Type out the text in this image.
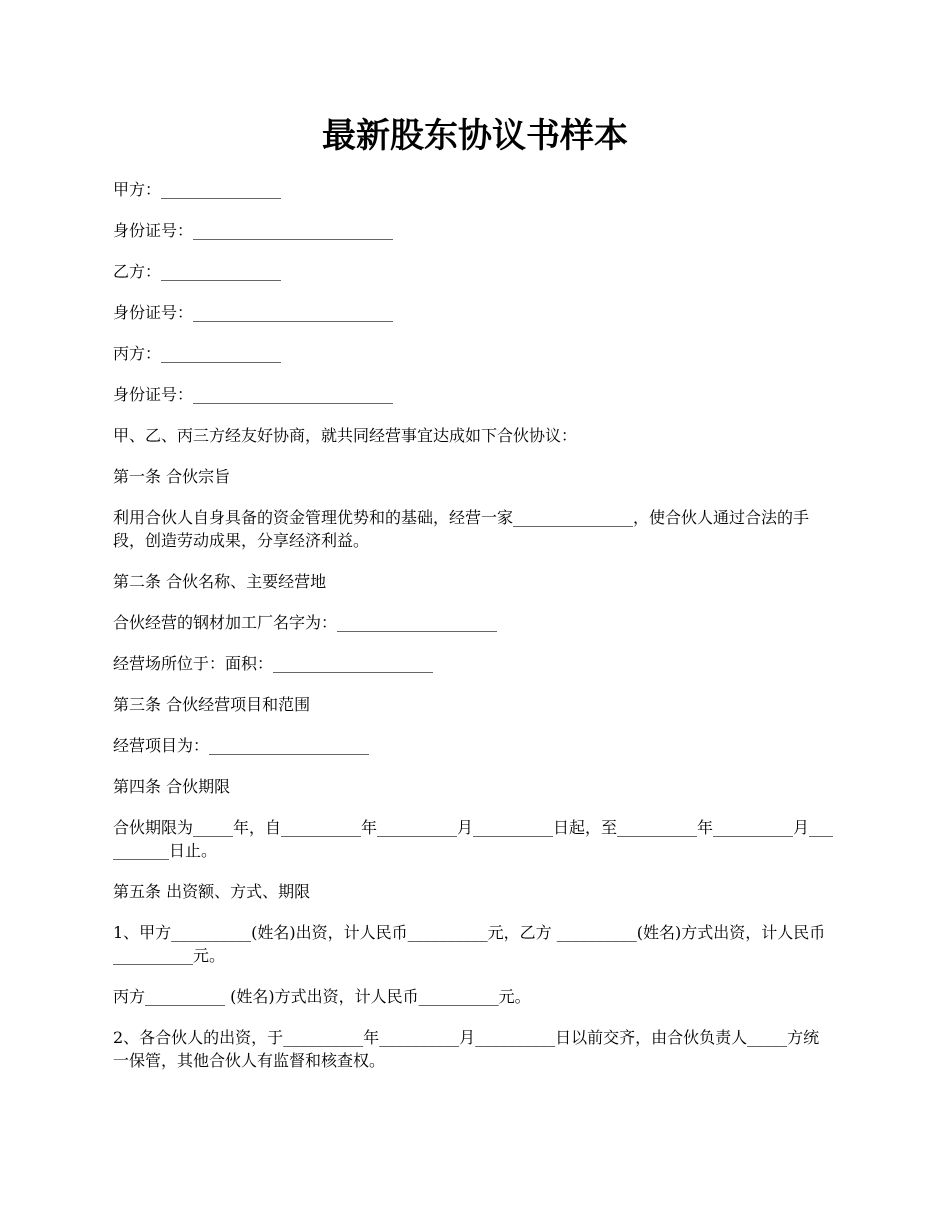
最新股东协议书样本

甲方：_______________

身份证号：_________________________

乙方：_______________

身份证号：_________________________

丙方：_______________

身份证号：_________________________

甲、乙、丙三方经友好协商，就共同经营事宜达成如下合伙协议：

第一条 合伙宗旨

利用合伙人自身具备的资金管理优势和的基础，经营一家_______________，使合伙人通过合法的手段，创造劳动成果，分享经济利益。

第二条 合伙名称、主要经营地

合伙经营的钢材加工厂名字为：____________________

经营场所位于：面积：____________________

第三条 合伙经营项目和范围

经营项目为：____________________

第四条 合伙期限

合伙期限为_____年，自__________年__________月__________日起，至__________年__________月__________日止。

第五条 出资额、方式、期限

1、甲方__________(姓名)出资，计人民币__________元，乙方 __________(姓名)方式出资，计人民币__________元。

丙方__________ (姓名)方式出资，计人民币__________元。

2、各合伙人的出资，于__________年__________月__________日以前交齐，由合伙负责人_____方统一保管，其他合伙人有监督和核查权。
